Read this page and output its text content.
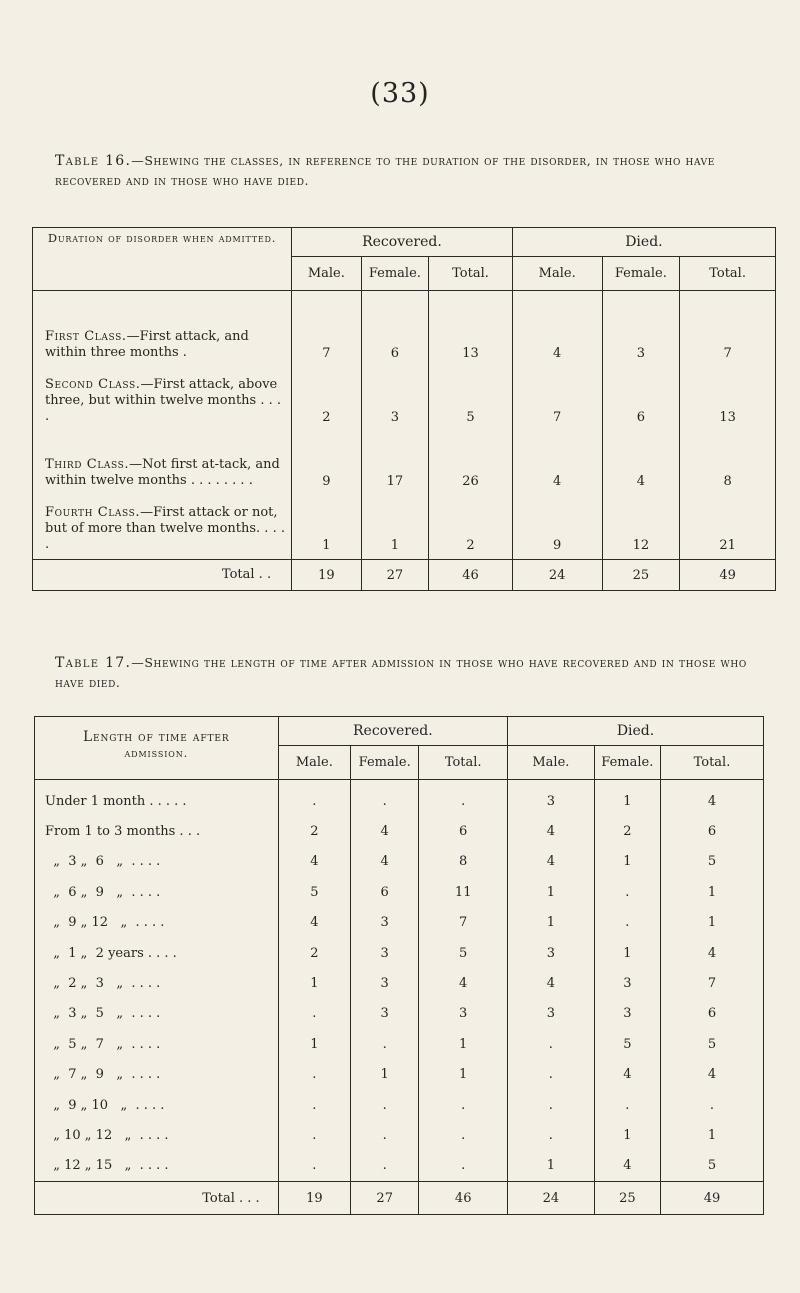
(33)
Table 16.—Shewing the classes, in reference to the duration of the disorder, in those who have recovered and in those who have died.
Duration of disorder when admitted.	Recovered.			Died.		
	Male.	Female.	Total.	Male.	Female.	Total.
First Class.—First attack, and within three months .	7	6	13	4	3	7
Second Class.—First attack, above three, but within twelve months . . . .	2	3	5	7	6	13
Third Class.—Not first at-tack, and within twelve months . . . . . . . .	9	17	26	4	4	8
Fourth Class.—First attack or not, but of more than twelve months. . . . .	1	1	2	9	12	21
Total . .	19	27	46	24	25	49
Table 17.—Shewing the length of time after admission in those who have recovered and in those who have died.
Length of time after
admission.	Recovered.			Died.		
	Male.	Female.	Total.	Male.	Female.	Total.
Under 1 month . . . . .	.	.	.	3	1	4
From 1 to 3 months . . .	2	4	6	4	2	6
„  3 „  6   „  . . . .	4	4	8	4	1	5
„  6 „  9   „  . . . .	5	6	11	1	.	1
„  9 „ 12   „  . . . .	4	3	7	1	.	1
„  1 „  2 years . . . .	2	3	5	3	1	4
„  2 „  3   „  . . . .	1	3	4	4	3	7
„  3 „  5   „  . . . .	.	3	3	3	3	6
„  5 „  7   „  . . . .	1	.	1	.	5	5
„  7 „  9   „  . . . .	.	1	1	.	4	4
„  9 „ 10   „  . . . .	.	.	.	.	.	.
„ 10 „ 12   „  . . . .	.	.	.	.	1	1
„ 12 „ 15   „  . . . .	.	.	.	1	4	5
Total . . .	19	27	46	24	25	49
